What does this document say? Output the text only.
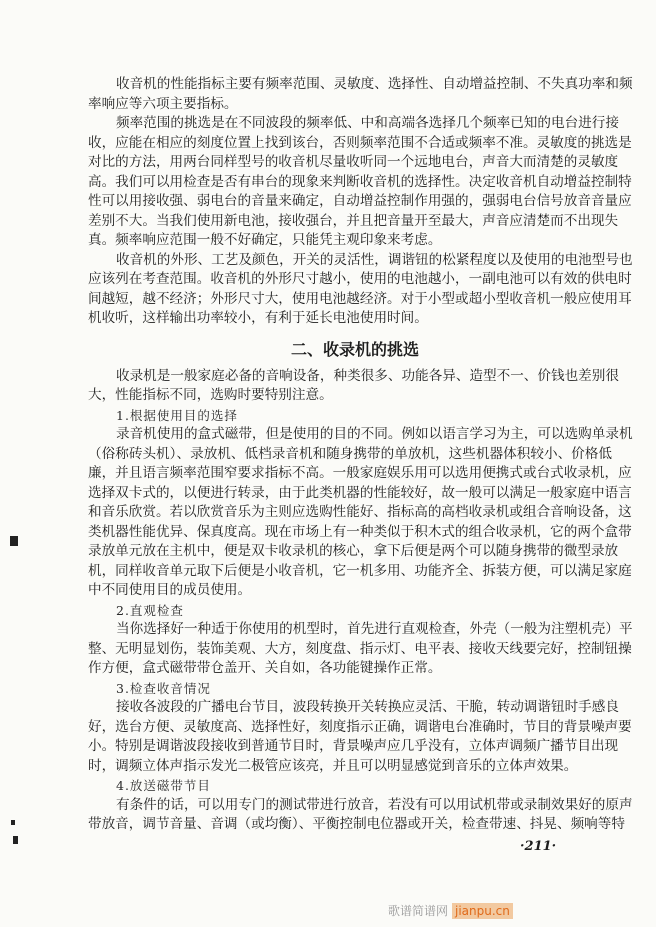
收音机的性能指标主要有频率范围、灵敏度、选择性、自动增益控制、不失真功率和频
率响应等六项主要指标。
频率范围的挑选是在不同波段的频率低、中和高端各选择几个频率已知的电台进行接
收，应能在相应的刻度位置上找到该台，否则频率范围不合适或频率不准。灵敏度的挑选是
对比的方法，用两台同样型号的收音机尽量收听同一个远地电台，声音大而清楚的灵敏度
高。我们可以用检查是否有串台的现象来判断收音机的选择性。决定收音机自动增益控制特
性可以用接收强、弱电台的音量来确定，自动增益控制作用强的，强弱电台信号放音音量应
差别不大。当我们使用新电池，接收强台，并且把音量开至最大，声音应清楚而不出现失
真。频率响应范围一般不好确定，只能凭主观印象来考虑。
收音机的外形、工艺及颜色，开关的灵活性，调谐钮的松紧程度以及使用的电池型号也
应该列在考查范围。收音机的外形尺寸越小，使用的电池越小，一副电池可以有效的供电时
间越短，越不经济；外形尺寸大，使用电池越经济。对于小型或超小型收音机一般应使用耳
机收听，这样输出功率较小，有利于延长电池使用时间。
二、收录机的挑选
收录机是一般家庭必备的音响设备，种类很多、功能各异、造型不一、价钱也差别很
大，性能指标不同，选购时要特别注意。
1.根据使用目的选择
录音机使用的盒式磁带，但是使用的目的不同。例如以语言学习为主，可以选购单录机
（俗称砖头机）、录放机、低档录音机和随身携带的单放机，这些机器体积较小、价格低
廉，并且语言频率范围窄要求指标不高。一般家庭娱乐用可以选用便携式或台式收录机，应
选择双卡式的，以便进行转录，由于此类机器的性能较好，故一般可以满足一般家庭中语言
和音乐欣赏。若以欣赏音乐为主则应选购性能好、指标高的高档收录机或组合音响设备，这
类机器性能优异、保真度高。现在市场上有一种类似于积木式的组合收录机，它的两个盒带
录放单元放在主机中，便是双卡收录机的核心，拿下后便是两个可以随身携带的微型录放
机，同样收音单元取下后便是小收音机，它一机多用、功能齐全、拆装方便，可以满足家庭
中不同使用目的成员使用。
2.直观检查
当你选择好一种适于你使用的机型时，首先进行直观检查，外壳（一般为注塑机壳）平
整、无明显划伤，装饰美观、大方，刻度盘、指示灯、电平表、接收天线要完好，控制钮操
作方便，盒式磁带带仓盖开、关自如，各功能键操作正常。
3.检查收音情况
接收各波段的广播电台节目，波段转换开关转换应灵活、干脆，转动调谐钮时手感良
好，选台方便、灵敏度高、选择性好，刻度指示正确，调谐电台准确时，节目的背景噪声要
小。特别是调谐波段接收到普通节目时，背景噪声应几乎没有，立体声调频广播节目出现
时，调频立体声指示发光二极管应该亮，并且可以明显感觉到音乐的立体声效果。
4.放送磁带节目
有条件的话，可以用专门的测试带进行放音，若没有可以用试机带或录制效果好的原声
带放音，调节音量、音调（或均衡）、平衡控制电位器或开关，检查带速、抖晃、频响等特
·211·
歌谱简谱网 jianpu.cn
